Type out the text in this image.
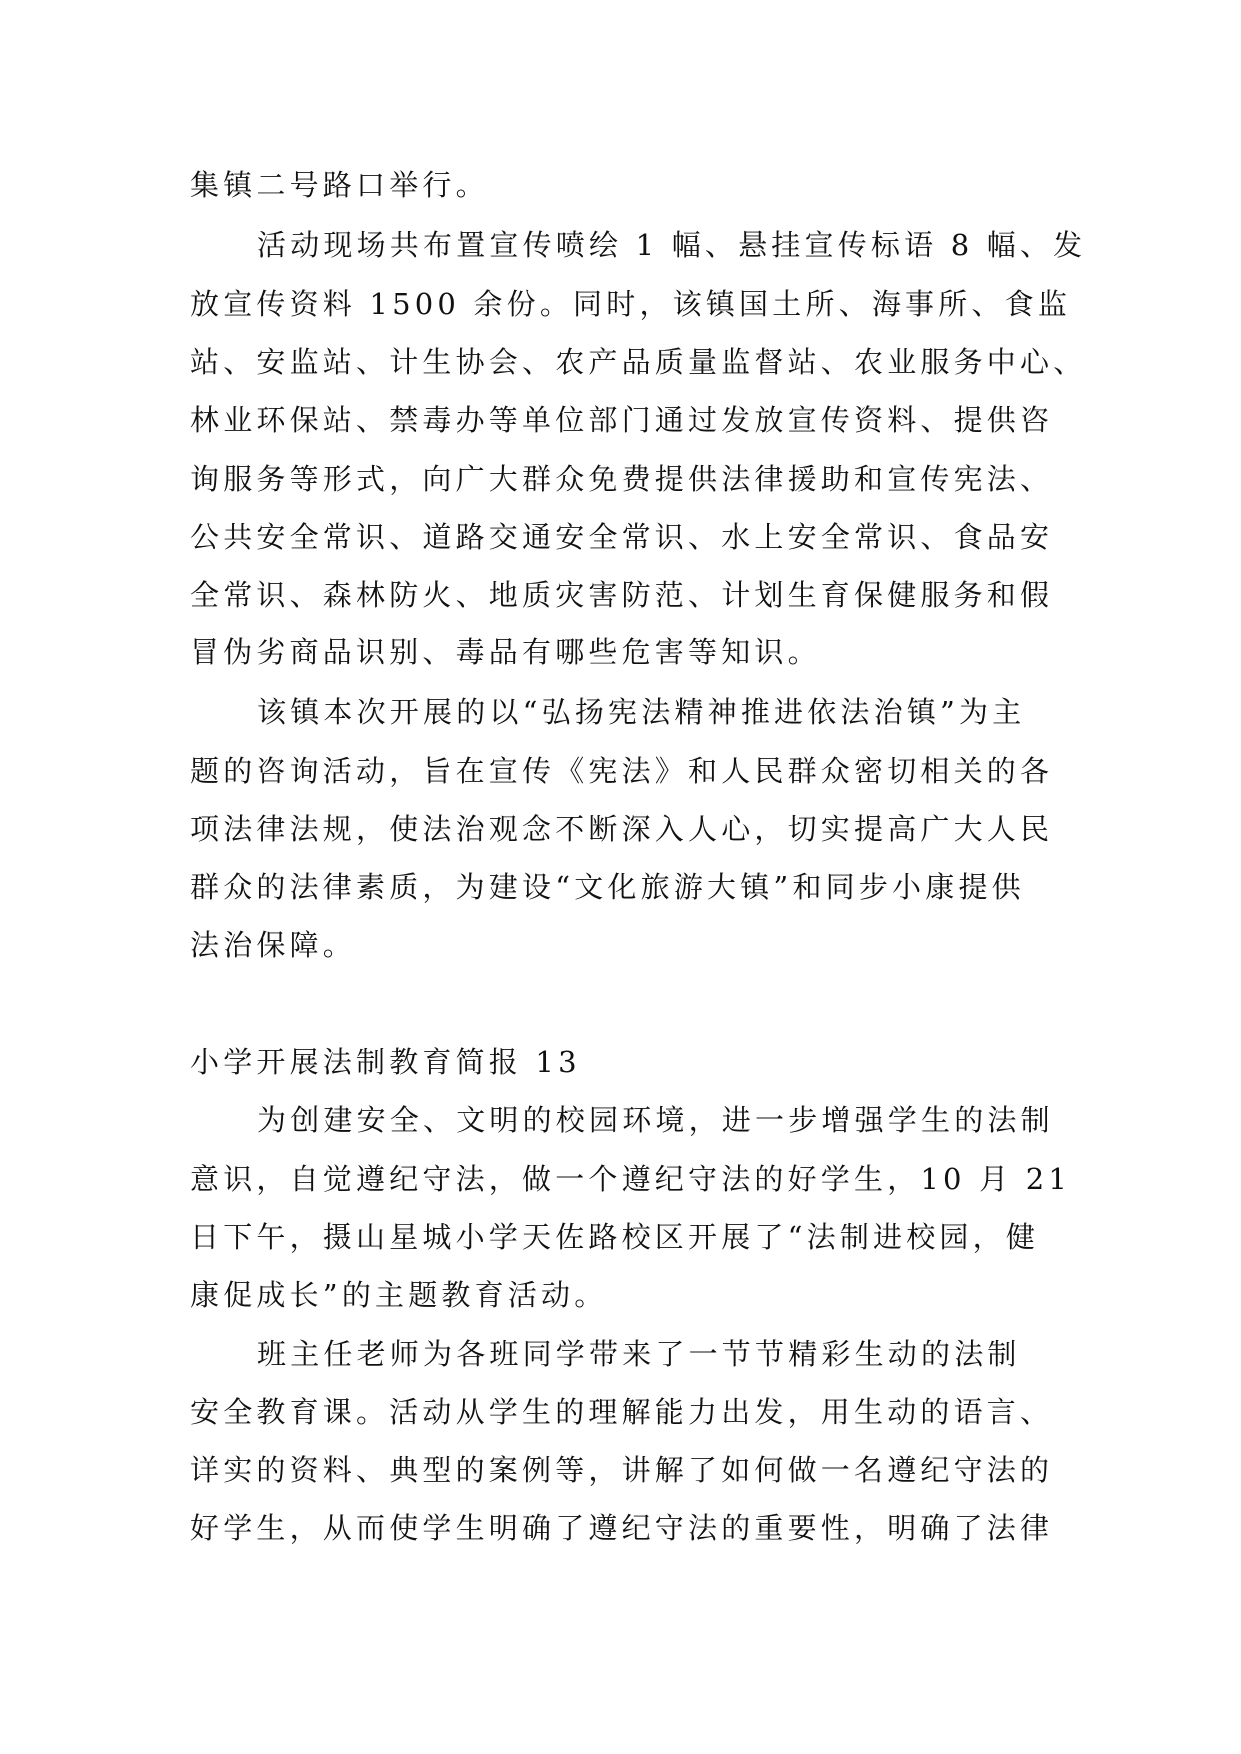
集镇二号路口举行。
活动现场共布置宣传喷绘 1 幅、悬挂宣传标语 8 幅、发
放宣传资料 1500 余份。同时，该镇国土所、海事所、食监
站、安监站、计生协会、农产品质量监督站、农业服务中心、
林业环保站、禁毒办等单位部门通过发放宣传资料、提供咨
询服务等形式，向广大群众免费提供法律援助和宣传宪法、
公共安全常识、道路交通安全常识、水上安全常识、食品安
全常识、森林防火、地质灾害防范、计划生育保健服务和假
冒伪劣商品识别、毒品有哪些危害等知识。
该镇本次开展的以“弘扬宪法精神推进依法治镇”为主
题的咨询活动，旨在宣传《宪法》和人民群众密切相关的各
项法律法规，使法治观念不断深入人心，切实提高广大人民
群众的法律素质，为建设“文化旅游大镇”和同步小康提供
法治保障。
小学开展法制教育简报 13
为创建安全、文明的校园环境，进一步增强学生的法制
意识，自觉遵纪守法，做一个遵纪守法的好学生，10 月 21
日下午，摄山星城小学天佐路校区开展了“法制进校园，健
康促成长”的主题教育活动。
班主任老师为各班同学带来了一节节精彩生动的法制
安全教育课。活动从学生的理解能力出发，用生动的语言、
详实的资料、典型的案例等，讲解了如何做一名遵纪守法的
好学生，从而使学生明确了遵纪守法的重要性，明确了法律
